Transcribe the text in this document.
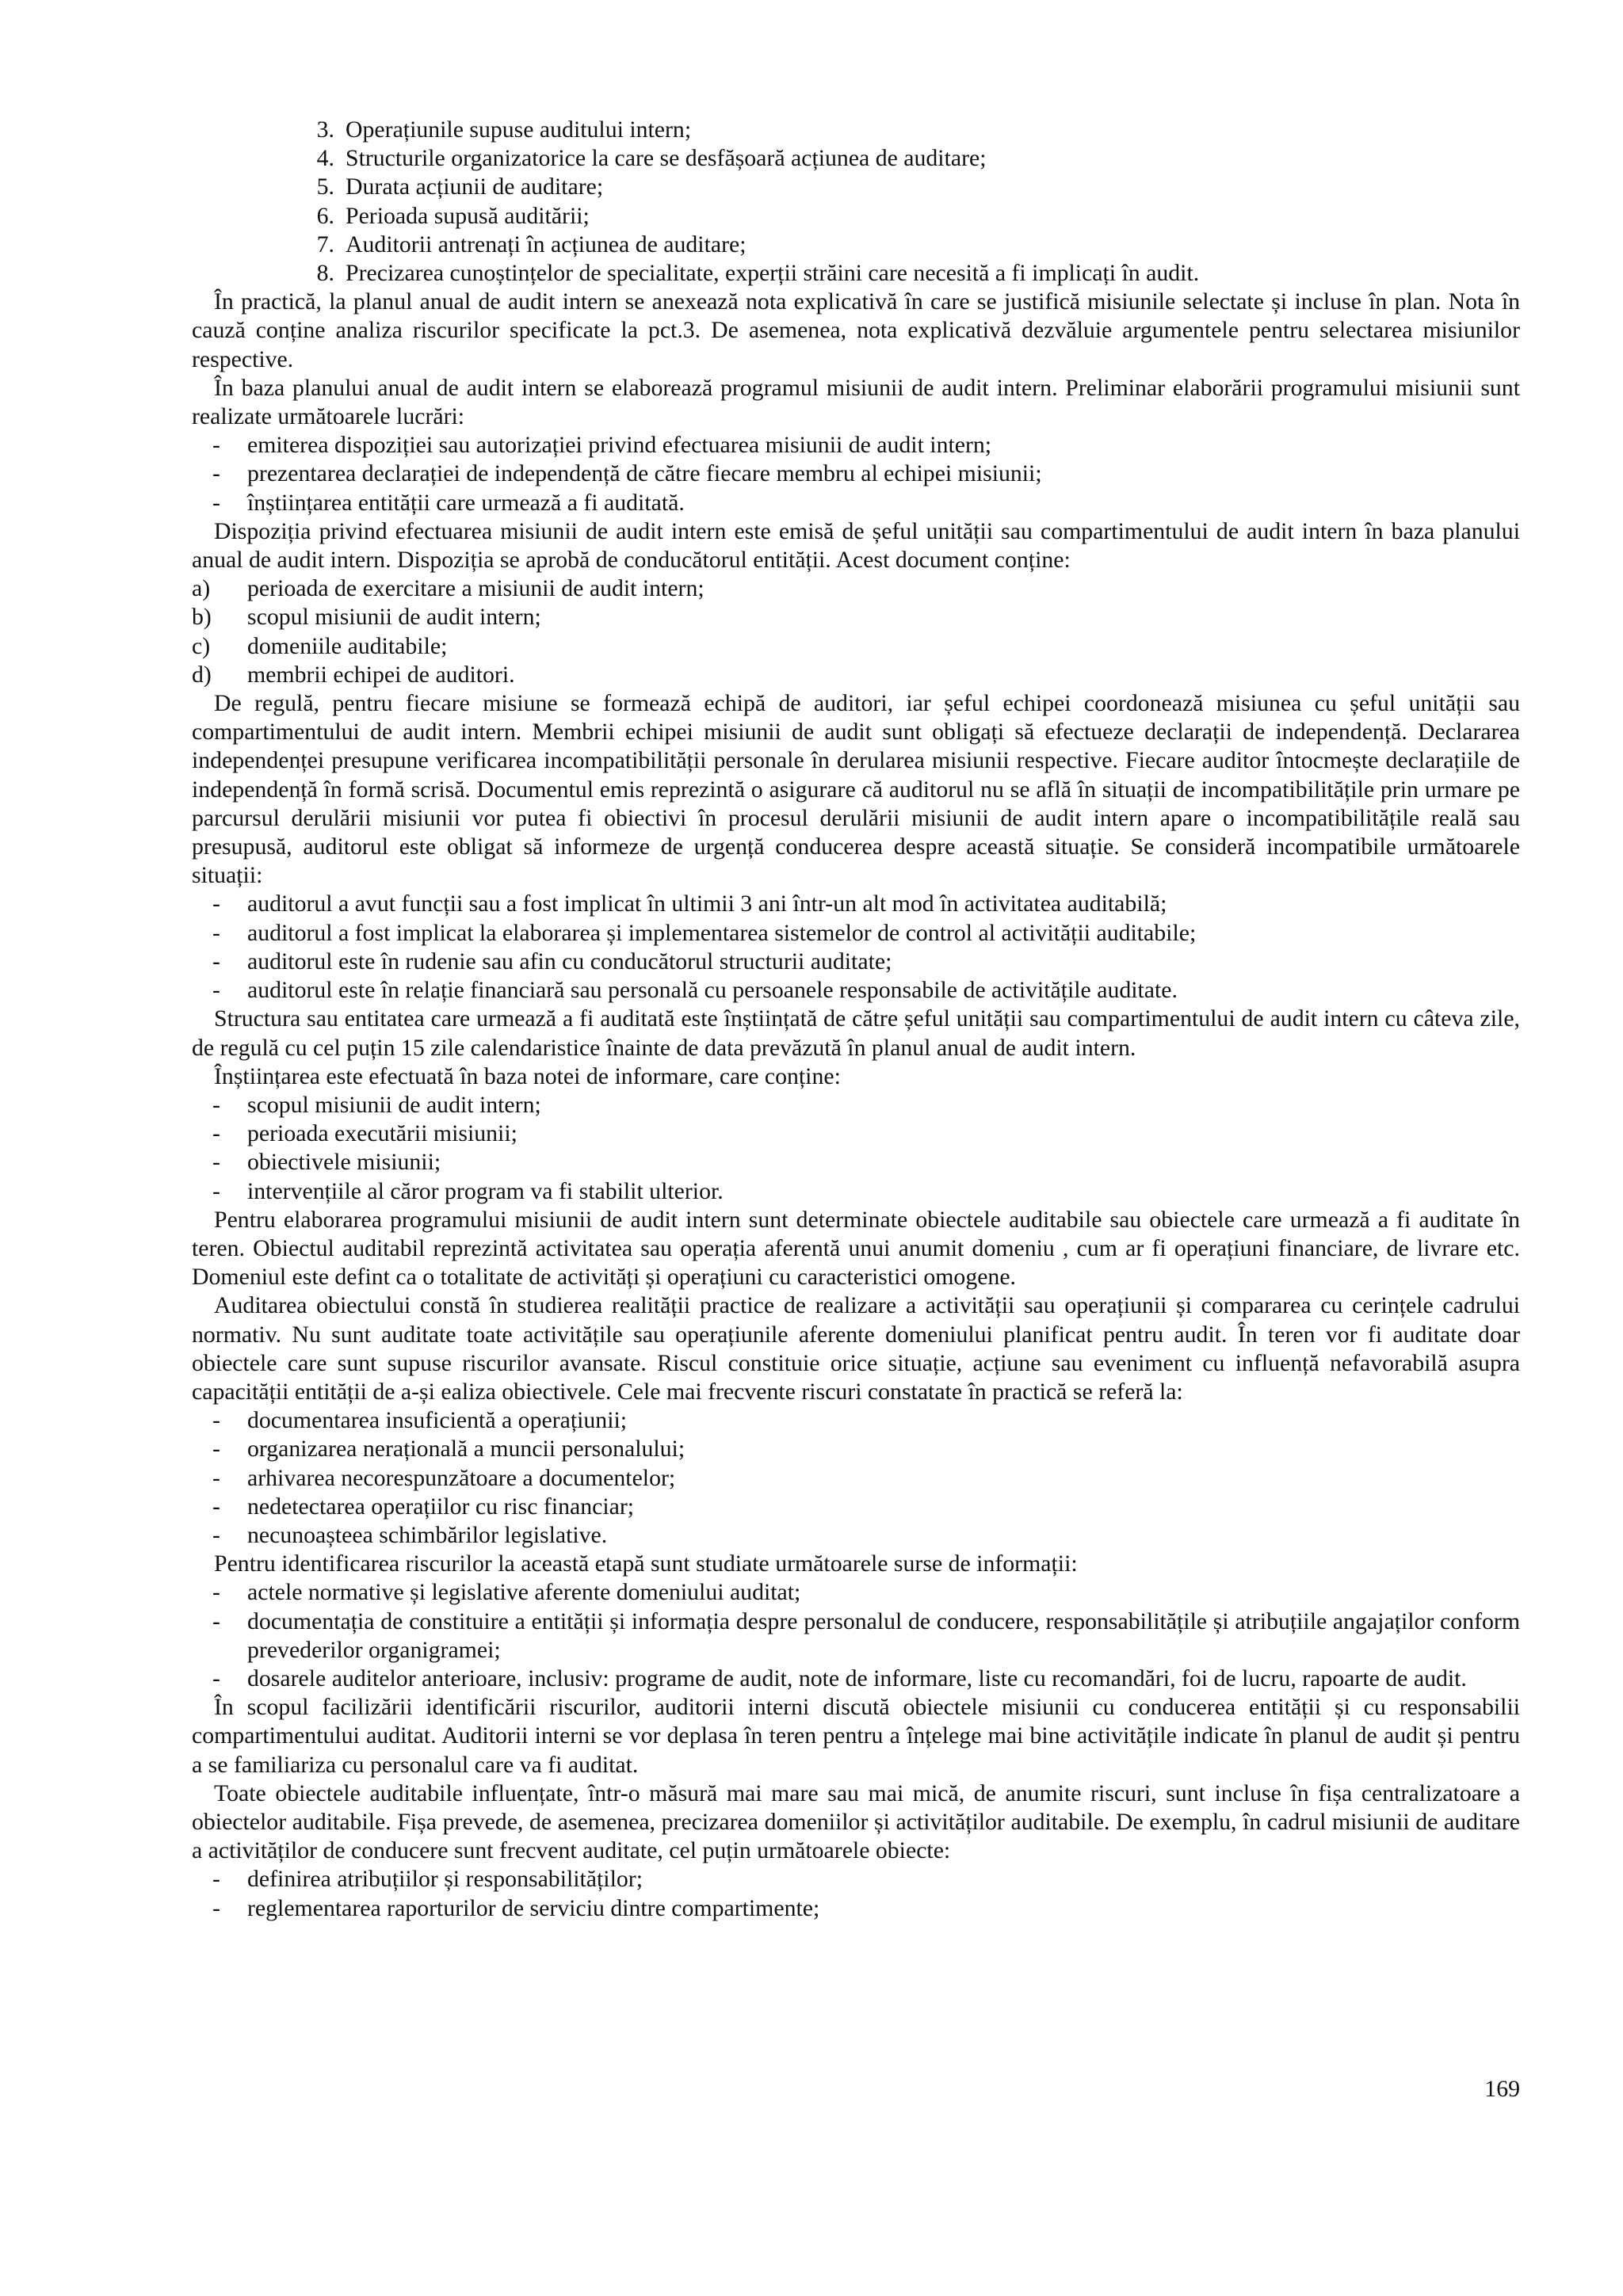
3. Operațiunile supuse auditului intern;
4. Structurile organizatorice la care se desfășoară acțiunea de auditare;
5. Durata acțiunii de auditare;
6. Perioada supusă auditării;
7. Auditorii antrenați în acțiunea de auditare;
8. Precizarea cunoștințelor de specialitate, experții străini care necesită a fi implicați în audit.

În practică, la planul anual de audit intern se anexează nota explicativă în care se justifică misiunile selectate și incluse în plan. Nota în cauză conține analiza riscurilor specificate la pct.3. De asemenea, nota explicativă dezvăluie argumentele pentru selectarea misiunilor respective.

În baza planului anual de audit intern se elaborează programul misiunii de audit intern. Preliminar elaborării programului misiunii sunt realizate următoarele lucrări:

- emiterea dispoziției sau autorizației privind efectuarea misiunii de audit intern;
- prezentarea declarației de independență de către fiecare membru al echipei misiunii;
- înștiințarea entității care urmează a fi auditată.

Dispoziția privind efectuarea misiunii de audit intern este emisă de șeful unității sau compartimentului de audit intern în baza planului anual de audit intern. Dispoziția se aprobă de conducătorul entității. Acest document conține:

a) perioada de exercitare a misiunii de audit intern;
b) scopul misiunii de audit intern;
c) domeniile auditabile;
d) membrii echipei de auditori.

De regulă, pentru fiecare misiune se formează echipă de auditori, iar șeful echipei coordonează misiunea cu șeful unității sau compartimentului de audit intern. Membrii echipei misiunii de audit sunt obligați să efectueze declarații de independență. Declararea independenței presupune verificarea incompatibilității personale în derularea misiunii respective. Fiecare auditor întocmește declarațiile de independență în formă scrisă. Documentul emis reprezintă o asigurare că auditorul nu se află în situații de incompatibilitățile prin urmare pe parcursul derulării misiunii vor putea fi obiectivi în procesul derulării misiunii de audit intern apare o incompatibilitățile reală sau presupusă, auditorul este obligat să informeze de urgență conducerea despre această situație. Se consideră incompatibile următoarele situații:

- auditorul a avut funcții sau a fost implicat în ultimii 3 ani într-un alt mod în activitatea auditabilă;
- auditorul a fost implicat la elaborarea și implementarea sistemelor de control al activității auditabile;
- auditorul este în rudenie sau afin cu conducătorul structurii auditate;
- auditorul este în relație financiară sau personală cu persoanele responsabile de activitățile auditate.

Structura sau entitatea care urmează a fi auditată este înștiințată de către șeful unității sau compartimentului de audit intern cu câteva zile, de regulă cu cel puțin 15 zile calendaristice înainte de data prevăzută în planul anual de audit intern.

Înștiințarea este efectuată în baza notei de informare, care conține:

- scopul misiunii de audit intern;
- perioada executării misiunii;
- obiectivele misiunii;
- intervențiile al căror program va fi stabilit ulterior.

Pentru elaborarea programului misiunii de audit intern sunt determinate obiectele auditabile sau obiectele care urmează a fi auditate în teren. Obiectul auditabil reprezintă activitatea sau operația aferentă unui anumit domeniu , cum ar fi operațiuni financiare, de livrare etc. Domeniul este defint ca o totalitate de activități și operațiuni cu caracteristici omogene.

Auditarea obiectului constă în studierea realității practice de realizare a activității sau operațiunii și compararea cu cerințele cadrului normativ. Nu sunt auditate toate activitățile sau operațiunile aferente domeniului planificat pentru audit. În teren vor fi auditate doar obiectele care sunt supuse riscurilor avansate. Riscul constituie orice situație, acțiune sau eveniment cu influență nefavorabilă asupra capacității entității de a-și ealiza obiectivele. Cele mai frecvente riscuri constatate în practică se referă la:

- documentarea insuficientă a operațiunii;
- organizarea nerațională a muncii personalului;
- arhivarea necorespunzătoare a documentelor;
- nedetectarea operațiilor cu risc financiar;
- necunoașteea schimbărilor legislative.

Pentru identificarea riscurilor la această etapă sunt studiate următoarele surse de informații:

- actele normative și legislative aferente domeniului auditat;
- documentația de constituire a entității și informația despre personalul de conducere, responsabilitățile și atribuțiile angajaților conform prevederilor organigramei;
- dosarele auditelor anterioare, inclusiv: programe de audit, note de informare, liste cu recomandări, foi de lucru, rapoarte de audit.

În scopul facilizării identificării riscurilor, auditorii interni discută obiectele misiunii cu conducerea entității și cu responsabilii compartimentului auditat. Auditorii interni se vor deplasa în teren pentru a înțelege mai bine activitățile indicate în planul de audit și pentru a se familiariza cu personalul care va fi auditat.

Toate obiectele auditabile influențate, într-o măsură mai mare sau mai mică, de anumite riscuri, sunt incluse în fișa centralizatoare a obiectelor auditabile. Fișa prevede, de asemenea, precizarea domeniilor și activităților auditabile. De exemplu, în cadrul misiunii de auditare a activităților de conducere sunt frecvent auditate, cel puțin următoarele obiecte:

- definirea atribuțiilor și responsabilităților;
- reglementarea raporturilor de serviciu dintre compartimente;
169
